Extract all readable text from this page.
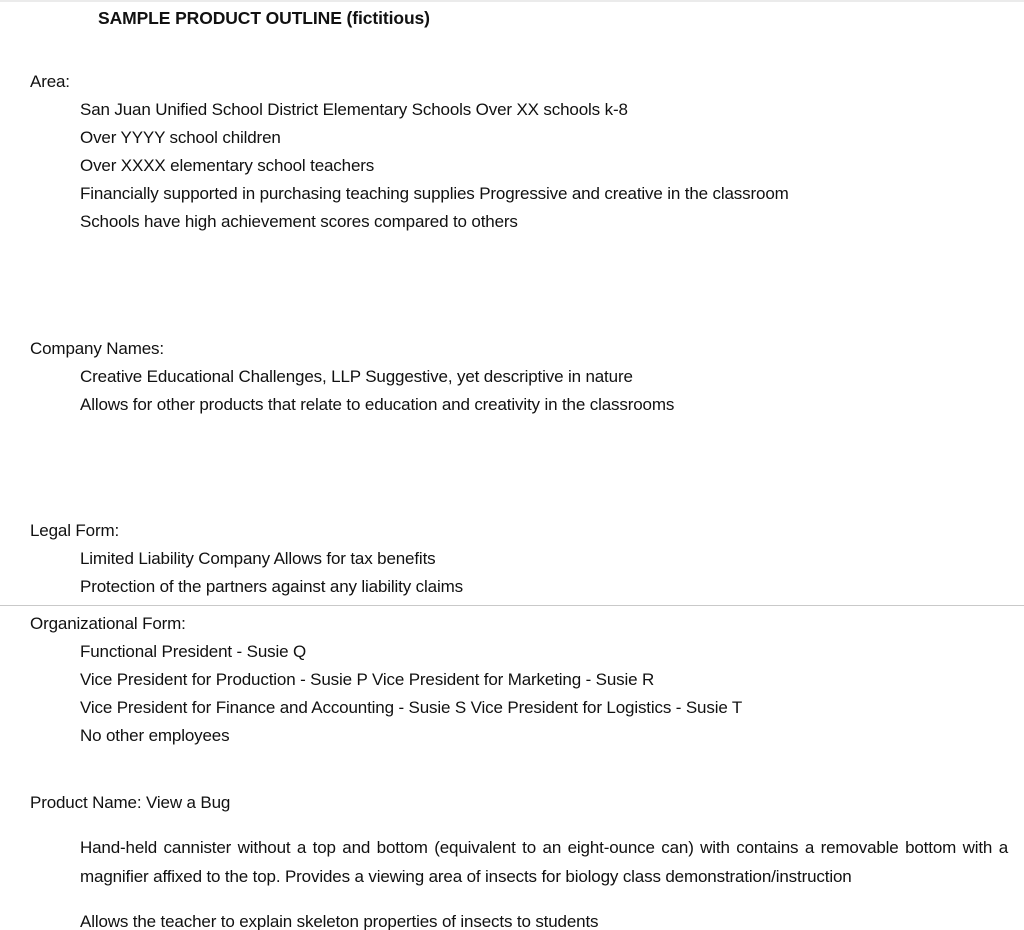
SAMPLE PRODUCT OUTLINE (fictitious)
Area:
San Juan Unified School District Elementary Schools Over XX schools k-8
Over YYYY school children
Over XXXX elementary school teachers
Financially supported in purchasing teaching supplies Progressive and creative in the classroom
Schools have high achievement scores compared to others
Company Names:
Creative Educational Challenges, LLP Suggestive, yet descriptive in nature
Allows for other products that relate to education and creativity in the classrooms
Legal Form:
Limited Liability Company Allows for tax benefits
Protection of the partners against any liability claims
Organizational Form:
Functional President - Susie Q
Vice President for Production - Susie P Vice President for Marketing - Susie R
Vice President for Finance and Accounting - Susie S Vice President for Logistics - Susie T
No other employees
Product Name: View a Bug

Hand-held cannister without a top and bottom (equivalent to an eight-ounce can) with contains a removable bottom with a magnifier affixed to the top. Provides a viewing area of insects for biology class demonstration/instruction

Allows the teacher to explain skeleton properties of insects to students
